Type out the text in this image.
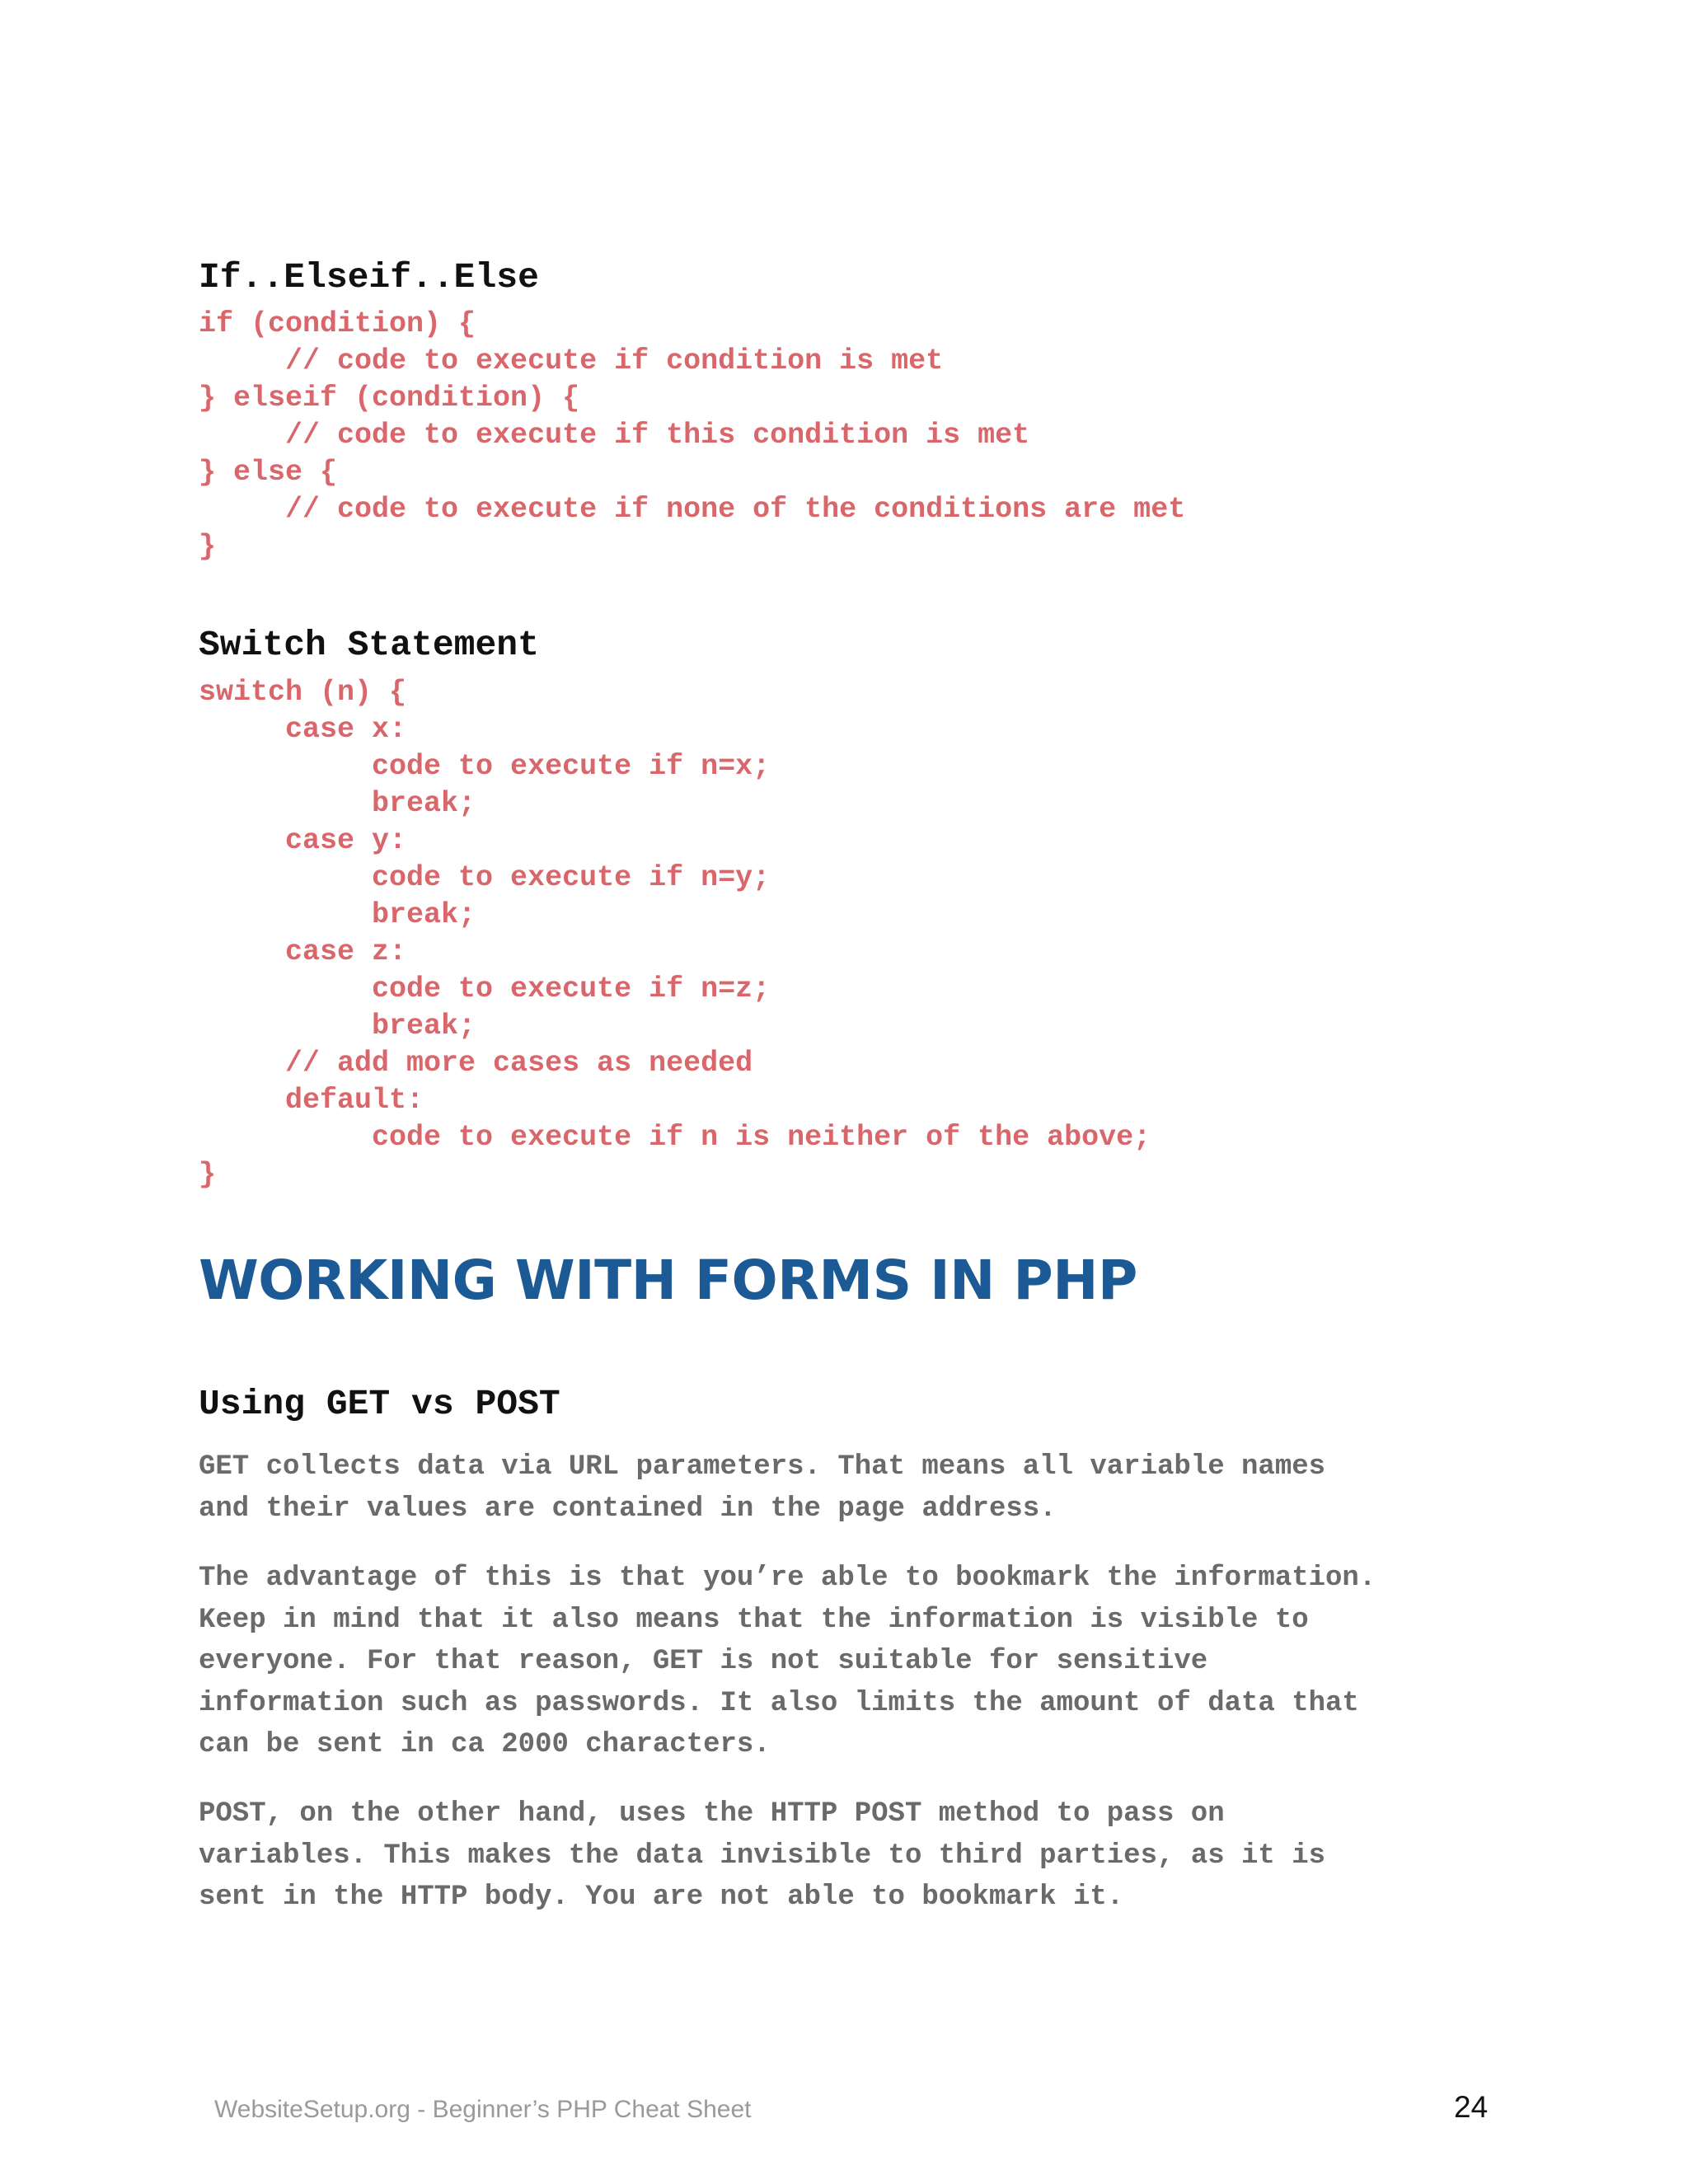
If..Elseif..Else
if (condition) {
// code to execute if condition is met
} elseif (condition) {
// code to execute if this condition is met
} else {
// code to execute if none of the conditions are met
}
Switch Statement
switch (n) {
case x:
code to execute if n=x;
break;
case y:
code to execute if n=y;
break;
case z:
code to execute if n=z;
break;
// add more cases as needed
default:
code to execute if n is neither of the above;
}
WORKING WITH FORMS IN PHP
Using GET vs POST

GET collects data via URL parameters. That means all variable names
and their values are contained in the page address.

The advantage of this is that you’re able to bookmark the information.
Keep in mind that it also means that the information is visible to
everyone. For that reason, GET is not suitable for sensitive
information such as passwords. It also limits the amount of data that
can be sent in ca 2000 characters.

POST, on the other hand, uses the HTTP POST method to pass on
variables. This makes the data invisible to third parties, as it is
sent in the HTTP body. You are not able to bookmark it.

WebsiteSetup.org - Beginner’s PHP Cheat Sheet	24
